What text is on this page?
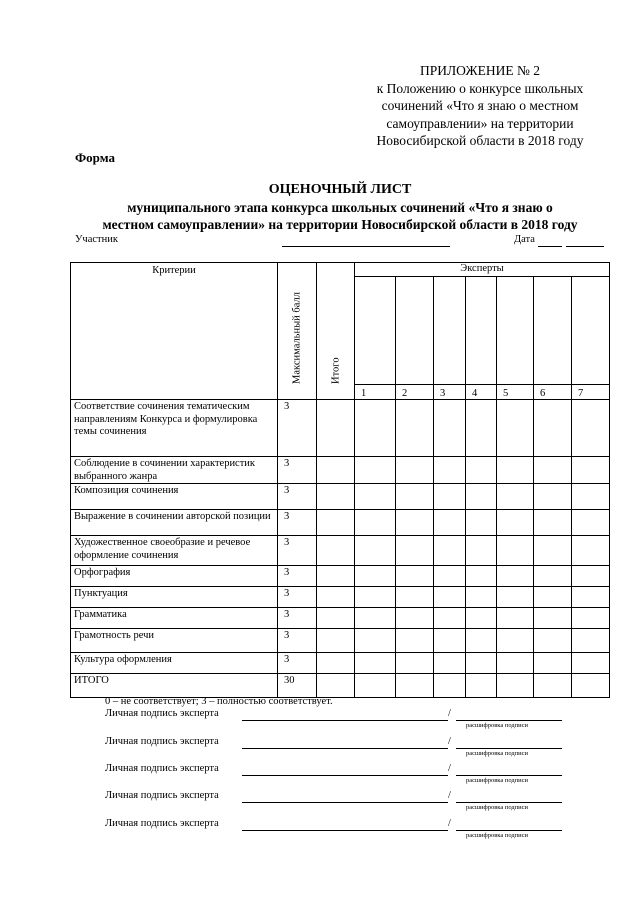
ПРИЛОЖЕНИЕ № 2
к Положению о конкурсе школьных
сочинений «Что я знаю о местном
самоуправлении» на территории
Новосибирской области в 2018 году
Форма
ОЦЕНОЧНЫЙ ЛИСТ
муниципального этапа конкурса школьных сочинений «Что я знаю о
местном самоуправлении» на территории Новосибирской области в 2018 году
Участник	Дата
Критерии	Максимальный балл	Итого	Эксперты						

			1	2	3	4	5	6	7
Соответствие сочинения тематическим направлениям Конкурса и формулировка темы сочинения	3								
Соблюдение в сочинении характеристик выбранного жанра	3								
Композиция сочинения	3								
Выражение в сочинении авторской позиции	3								
Художественное своеобразие и речевое оформление сочинения	3								
Орфография	3								
Пунктуация	3								
Грамматика	3								
Грамотность речи	3								
Культура оформления	3								
ИТОГО	30								
0 – не соответствует; 3 – полностью соответствует.
Личная подпись эксперта	/
расшифровка подписи
Личная подпись эксперта	/
расшифровка подписи
Личная подпись эксперта	/
расшифровка подписи
Личная подпись эксперта	/
расшифровка подписи
Личная подпись эксперта	/
расшифровка подписи
